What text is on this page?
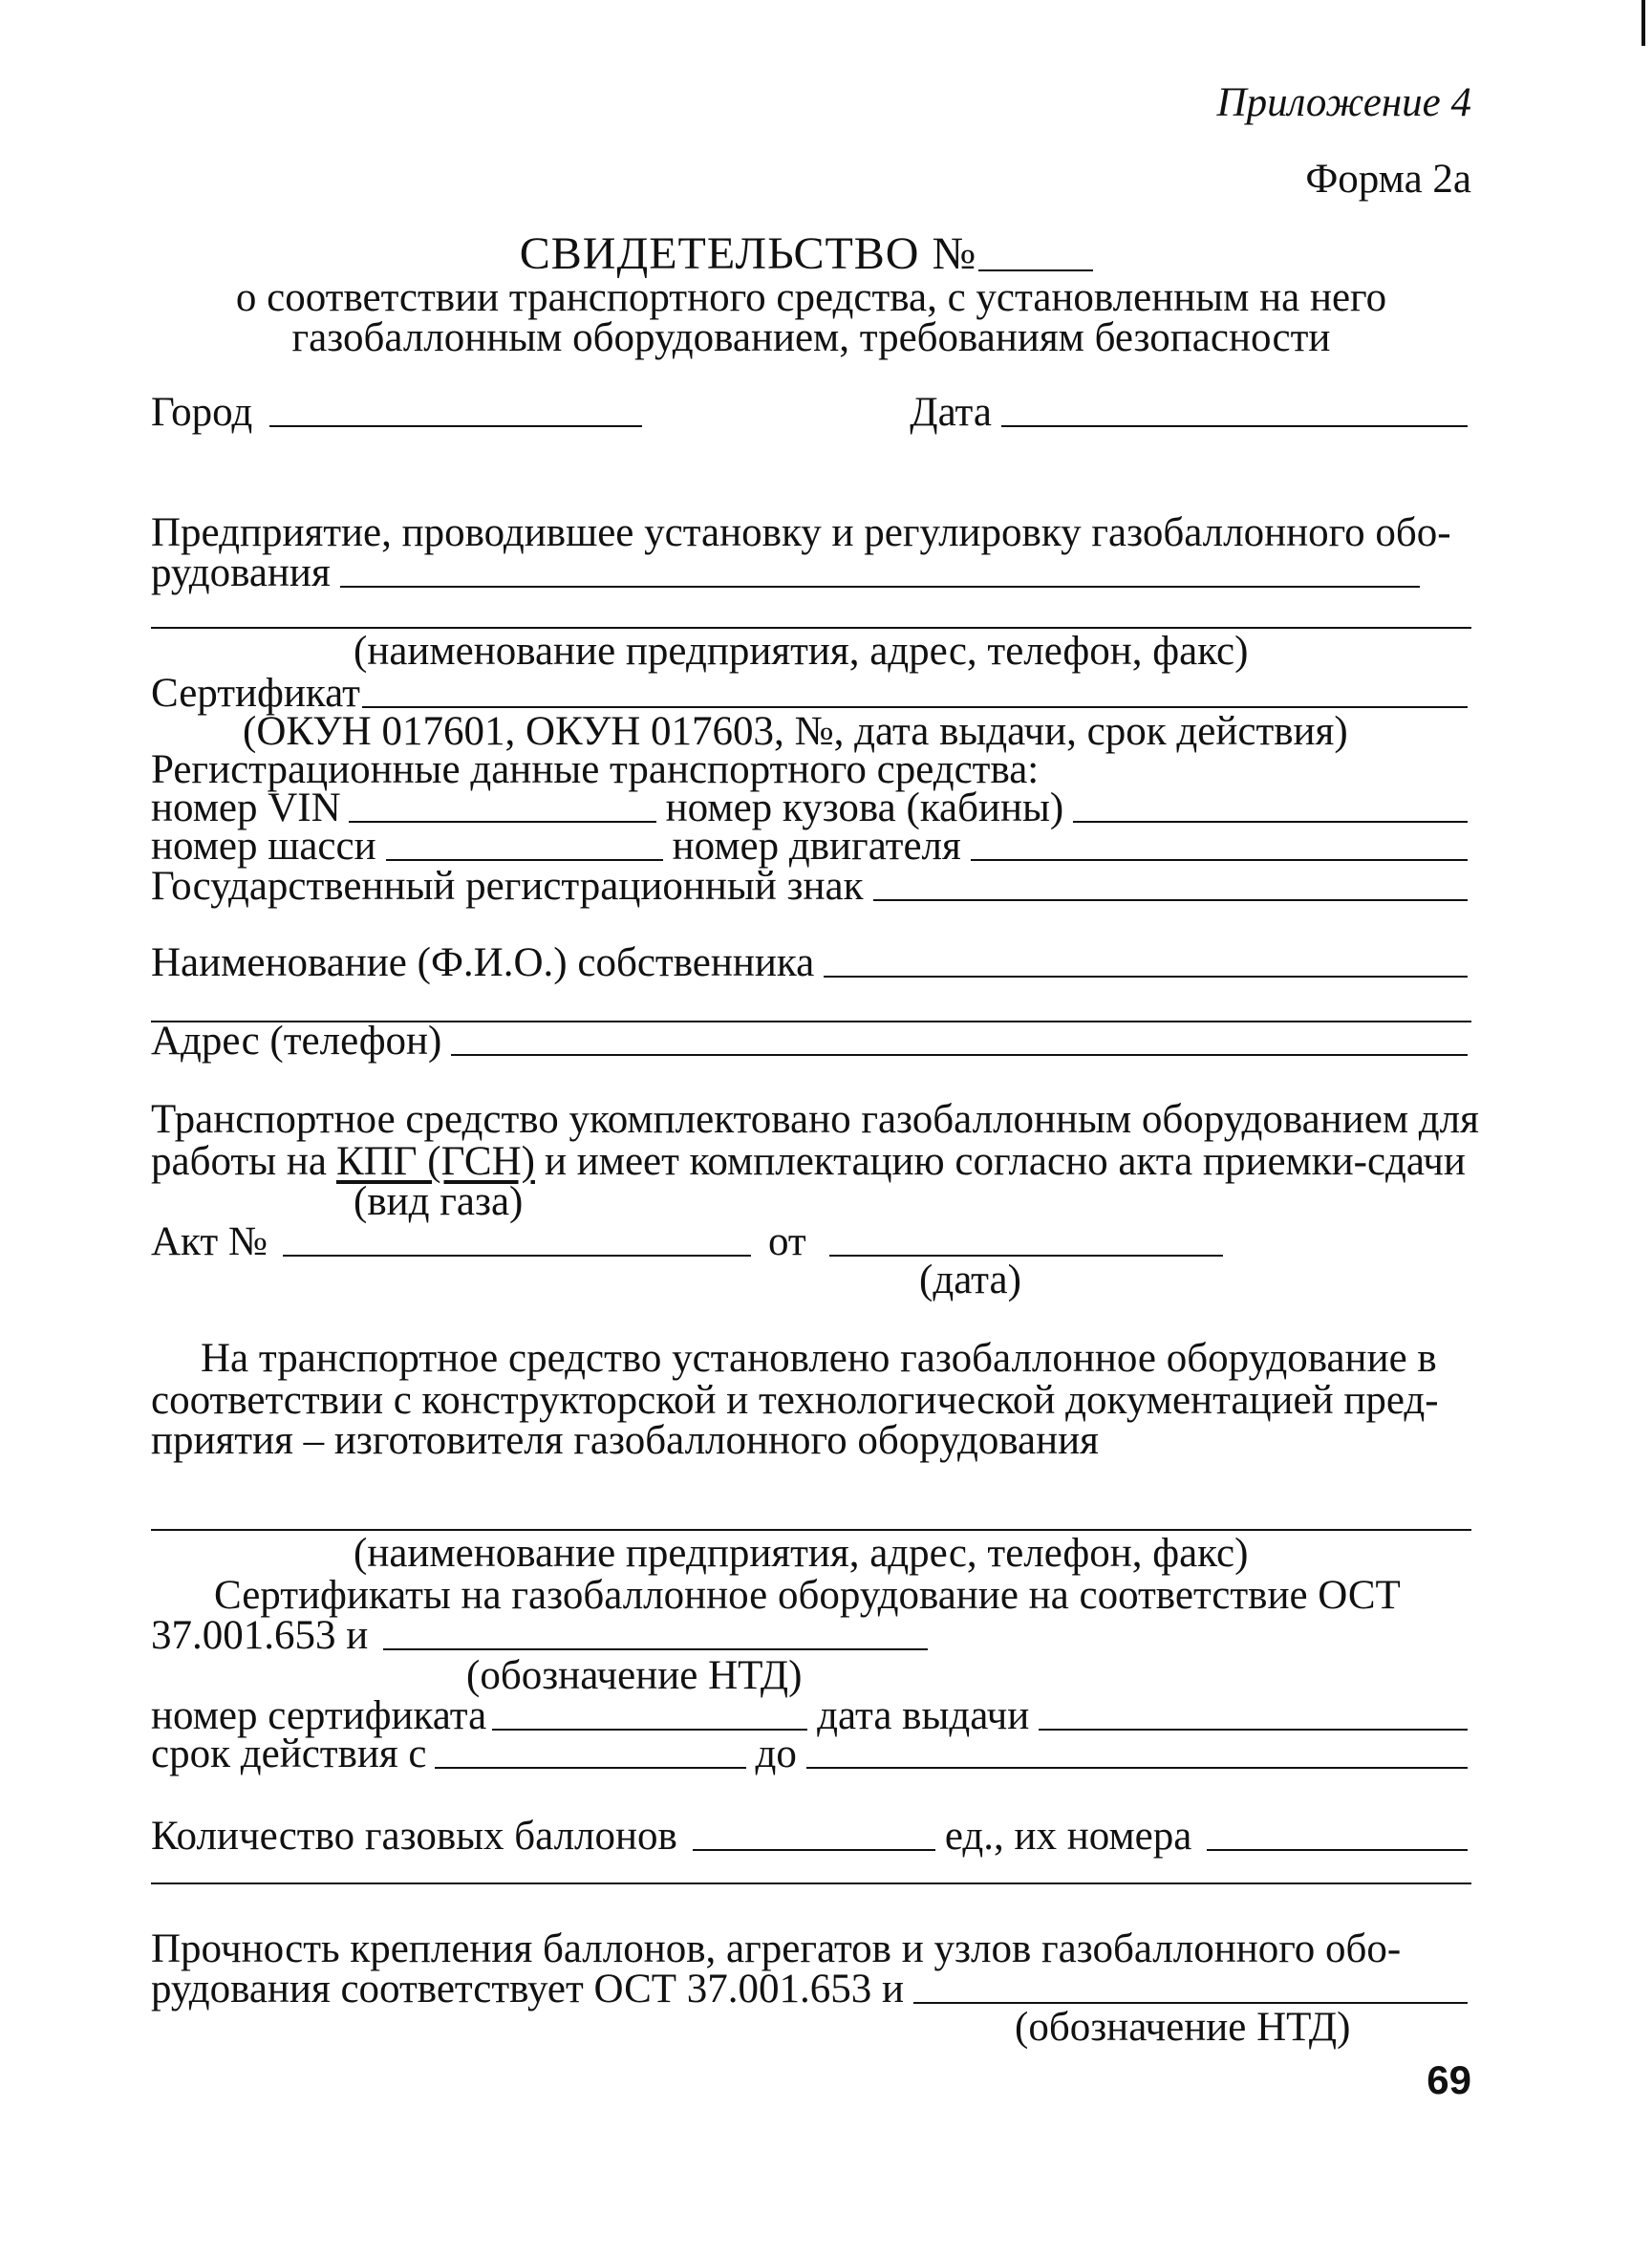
Приложение 4
Форма 2а
СВИДЕТЕЛЬСТВО №
о соответствии транспортного средства, с установленным на него
газобаллонным оборудованием, требованиям безопасности
Город	Дата
Предприятие, проводившее установку и регулировку газобаллонного обо-
рудования
(наименование предприятия, адрес, телефон, факс)
Сертификат
(ОКУН 017601, ОКУН 017603, №, дата выдачи, срок действия)
Регистрационные данные транспортного средства:
номер VIN	номер кузова (кабины)
номер шасси	номер двигателя
Государственный регистрационный знак
Наименование (Ф.И.О.) собственника
Адрес (телефон)
Транспортное средство укомплектовано газобаллонным оборудованием для
работы на КПГ (ГСН) и имеет комплектацию согласно акта приемки-сдачи
(вид газа)
Акт №	от
(дата)
На транспортное средство установлено газобаллонное оборудование в
соответствии с конструкторской и технологической документацией пред-
приятия – изготовителя газобаллонного оборудования
(наименование предприятия, адрес, телефон, факс)
Сертификаты на газобаллонное оборудование на соответствие ОСТ
37.001.653 и
(обозначение НТД)
номер сертификата	дата выдачи
срок действия с	до
Количество газовых баллонов	ед., их номера
Прочность крепления баллонов, агрегатов и узлов газобаллонного обо-
рудования соответствует ОСТ 37.001.653 и
(обозначение НТД)
69
